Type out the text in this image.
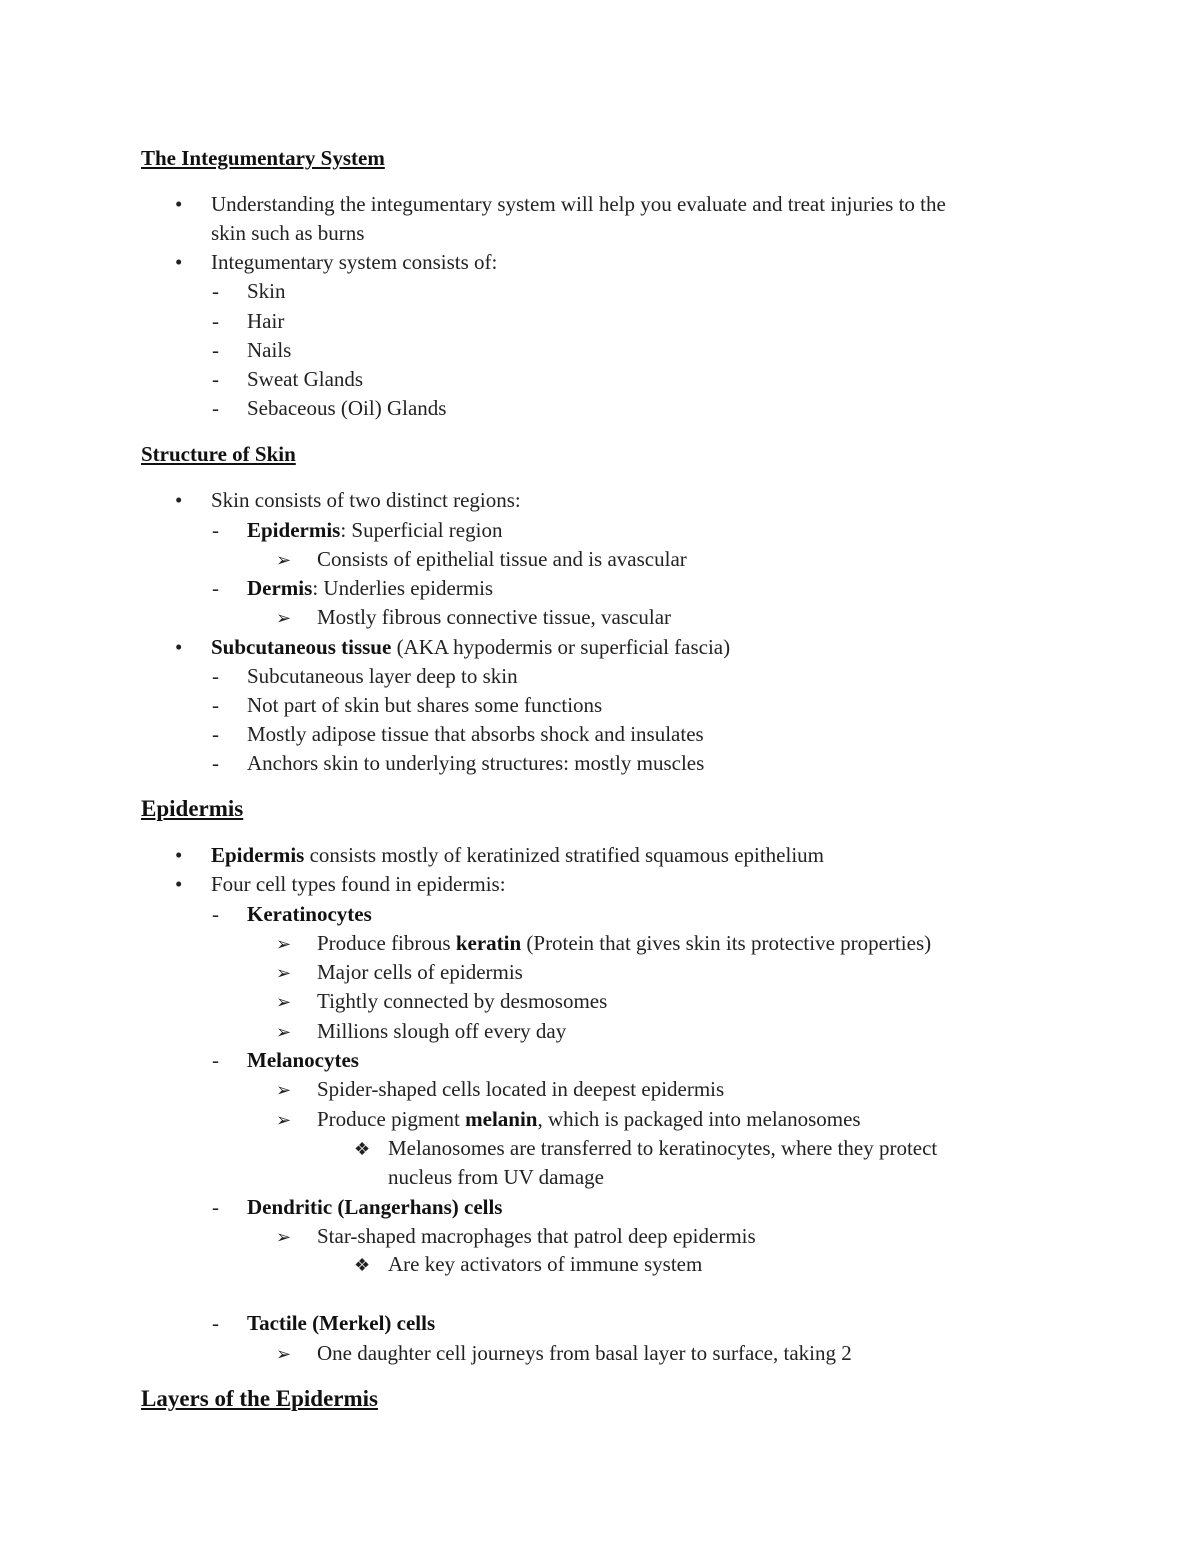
The Integumentary System
• Understanding the integumentary system will help you evaluate and treat injuries to the
skin such as burns
• Integumentary system consists of:
- Skin
- Hair
- Nails
- Sweat Glands
- Sebaceous (Oil) Glands
Structure of Skin
• Skin consists of two distinct regions:
- Epidermis: Superficial region
➢ Consists of epithelial tissue and is avascular
- Dermis: Underlies epidermis
➢ Mostly fibrous connective tissue, vascular
• Subcutaneous tissue (AKA hypodermis or superficial fascia)
- Subcutaneous layer deep to skin
- Not part of skin but shares some functions
- Mostly adipose tissue that absorbs shock and insulates
- Anchors skin to underlying structures: mostly muscles
Epidermis
• Epidermis consists mostly of keratinized stratified squamous epithelium
• Four cell types found in epidermis:
- Keratinocytes
➢ Produce fibrous keratin (Protein that gives skin its protective properties)
➢ Major cells of epidermis
➢ Tightly connected by desmosomes
➢ Millions slough off every day
- Melanocytes
➢ Spider-shaped cells located in deepest epidermis
➢ Produce pigment melanin, which is packaged into melanosomes
❖ Melanosomes are transferred to keratinocytes, where they protect
nucleus from UV damage
- Dendritic (Langerhans) cells
➢ Star-shaped macrophages that patrol deep epidermis
❖ Are key activators of immune system
- Tactile (Merkel) cells
➢ One daughter cell journeys from basal layer to surface, taking 2
Layers of the Epidermis
